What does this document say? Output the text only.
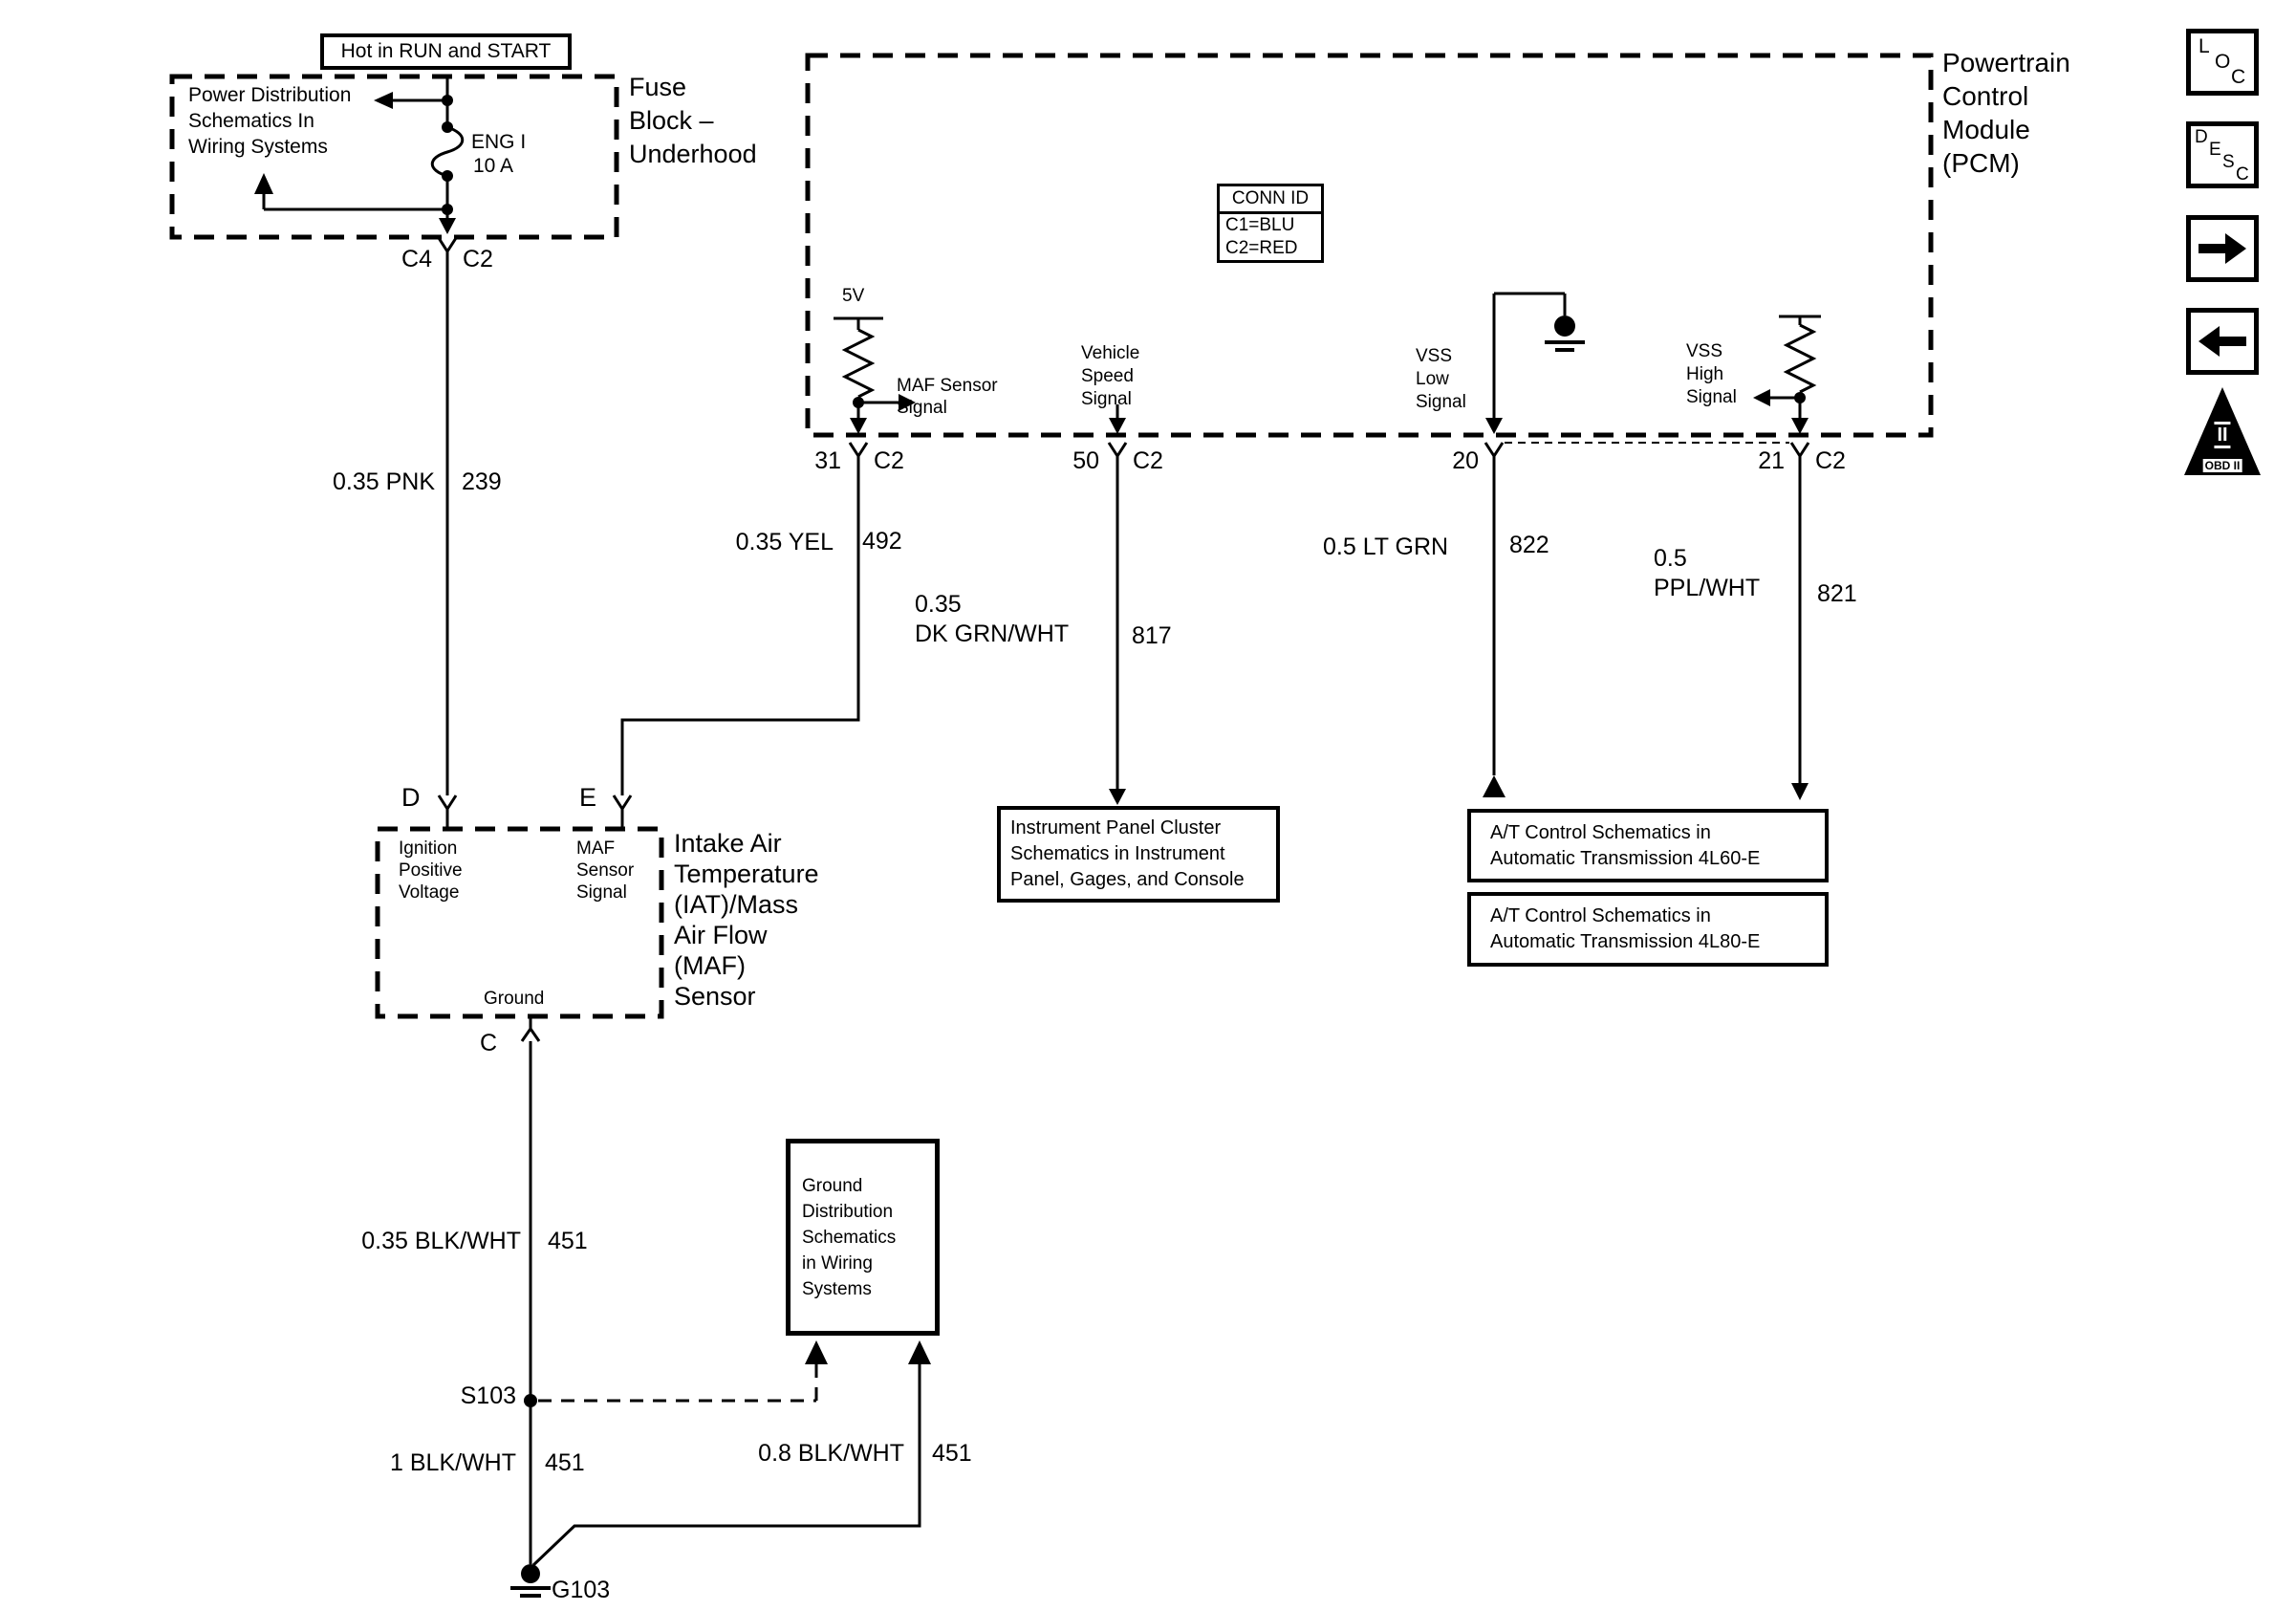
Hot in RUN and START
CONN ID
C1=BLU
C2=RED
Instrument Panel Cluster
Schematics in Instrument
Panel, Gages, and Console
A/T Control Schematics in
Automatic Transmission 4L60-E
A/T Control Schematics in
Automatic Transmission 4L80-E
Ground
Distribution
Schematics
in Wiring
Systems
Power Distribution
Schematics In
Wiring Systems	ENG I
10 A
Fuse
Block –
Underhood
C4 C2
0.35 PNK 239
Powertrain
Control
Module
(PCM)
5V
MAF Sensor
Signal
Vehicle
Speed
Signal
VSS
Low
Signal
VSS
High
Signal
31 C2	50 C2	20	21 C2
0.35 YEL 492
0.35
DK GRN/WHT	817
0.5 LT GRN	822	0.5
PPL/WHT 821
D	E
Ignition
Positive
Voltage
MAF
Sensor
Signal
Ground
Intake Air
Temperature
(IAT)/Mass
Air Flow
(MAF)
Sensor
C
0.35 BLK/WHT 451
S103
1 BLK/WHT 451	0.8 BLK/WHT 451
G103
L
O
C
D
E
S
C
II
OBD II
